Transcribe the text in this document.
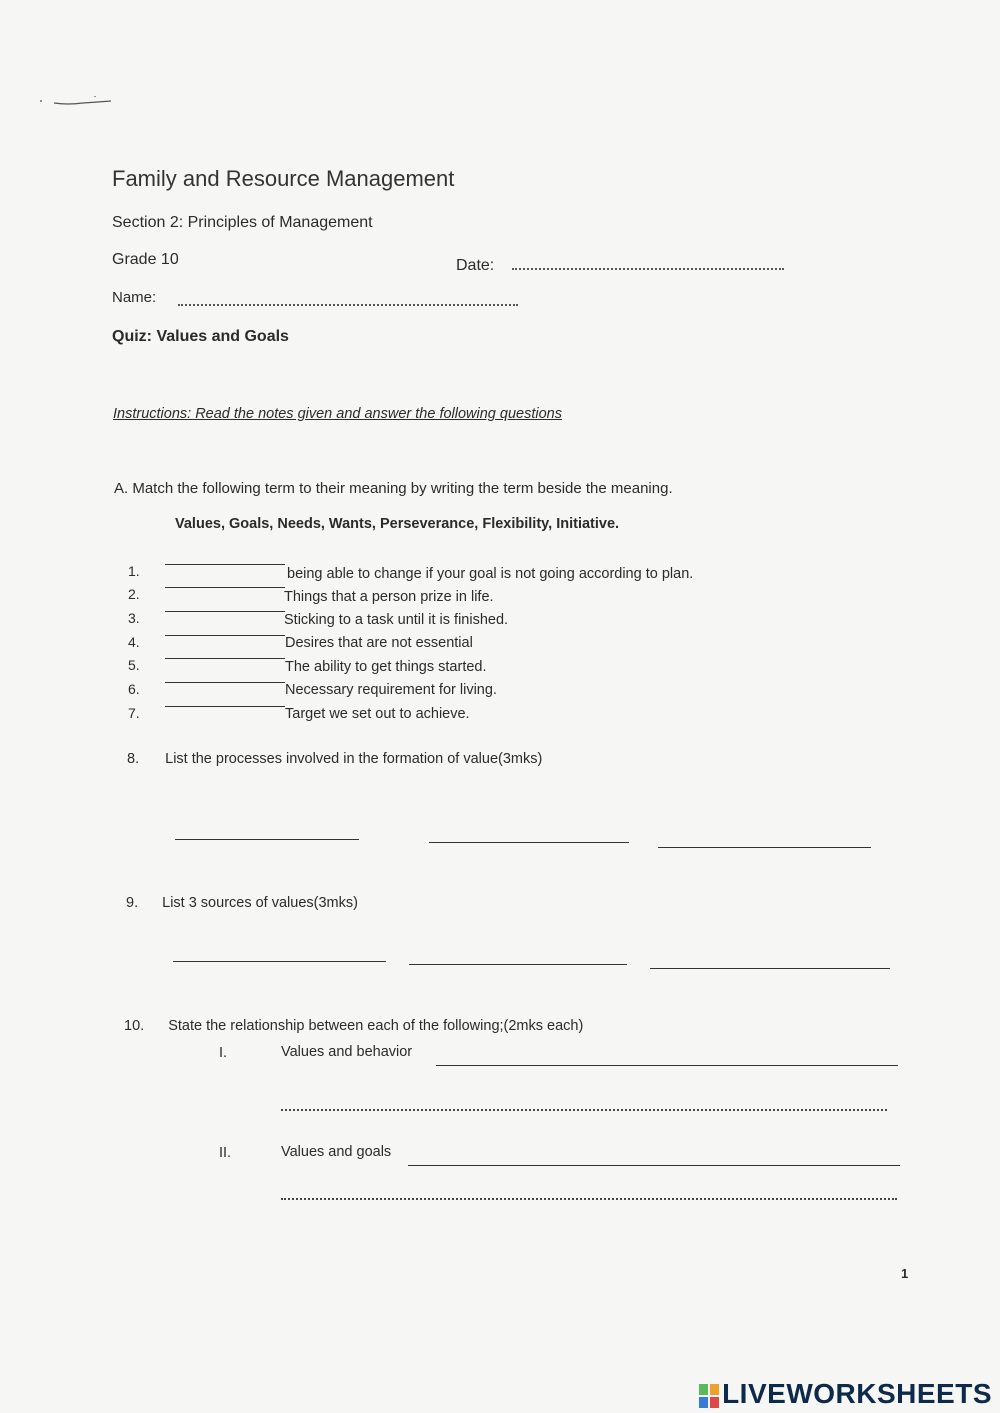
Family and Resource Management
Section 2: Principles of Management
Grade 10	Date:
Name:
Quiz: Values and Goals
Instructions: Read the notes given and answer the following questions
A. Match the following term to their meaning by writing the term beside the meaning.
Values, Goals, Needs, Wants, Perseverance, Flexibility, Initiative.
1.	being able to change if your goal is not going according to plan.
2.	Things that a person prize in life.
3.	Sticking to a task until it is finished.
4.	Desires that are not essential
5.	The ability to get things started.
6.	Necessary requirement for living.
7.	Target we set out to achieve.
8. List the processes involved in the formation of value(3mks)
9. List 3 sources of values(3mks)
10. State the relationship between each of the following;(2mks each)
I.	Values and behavior
II.	Values and goals
1
LIVEWORKSHEETS
